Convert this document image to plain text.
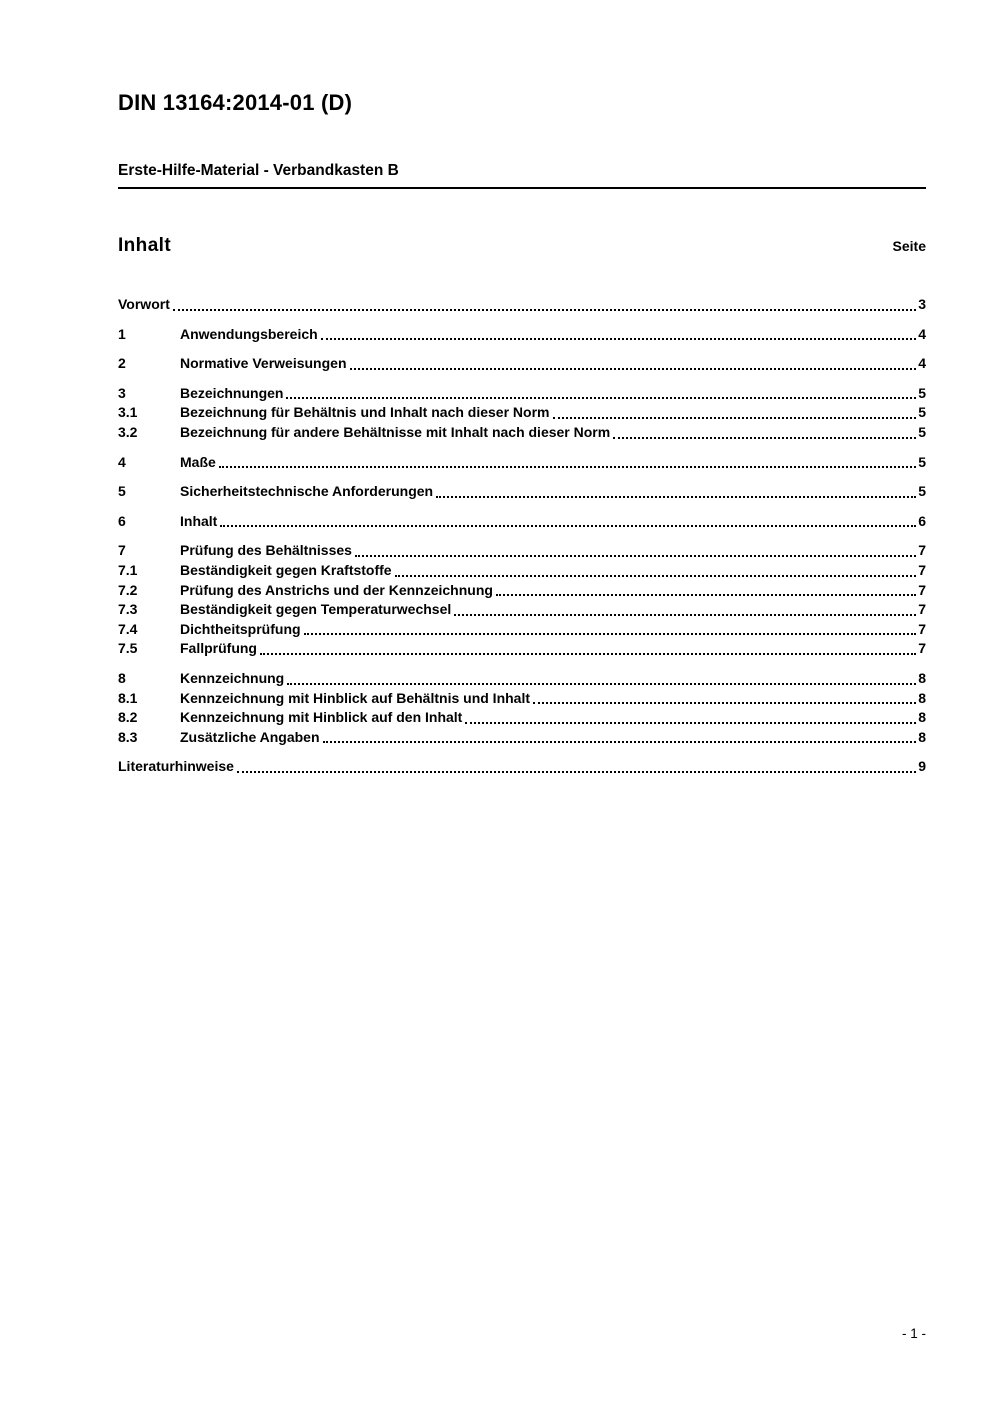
DIN 13164:2014-01 (D)
Erste-Hilfe-Material - Verbandkasten B
Inhalt	Seite
Vorwort	3
1	Anwendungsbereich	4
2	Normative Verweisungen	4
3	Bezeichnungen	5
3.1	Bezeichnung für Behältnis und Inhalt nach dieser Norm	5
3.2	Bezeichnung für andere Behältnisse mit Inhalt nach dieser Norm	5
4	Maße	5
5	Sicherheitstechnische Anforderungen	5
6	Inhalt	6
7	Prüfung des Behältnisses	7
7.1	Beständigkeit gegen Kraftstoffe	7
7.2	Prüfung des Anstrichs und der Kennzeichnung	7
7.3	Beständigkeit gegen Temperaturwechsel	7
7.4	Dichtheitsprüfung	7
7.5	Fallprüfung	7
8	Kennzeichnung	8
8.1	Kennzeichnung mit Hinblick auf Behältnis und Inhalt	8
8.2	Kennzeichnung mit Hinblick auf den Inhalt	8
8.3	Zusätzliche Angaben	8
Literaturhinweise	9
- 1 -
